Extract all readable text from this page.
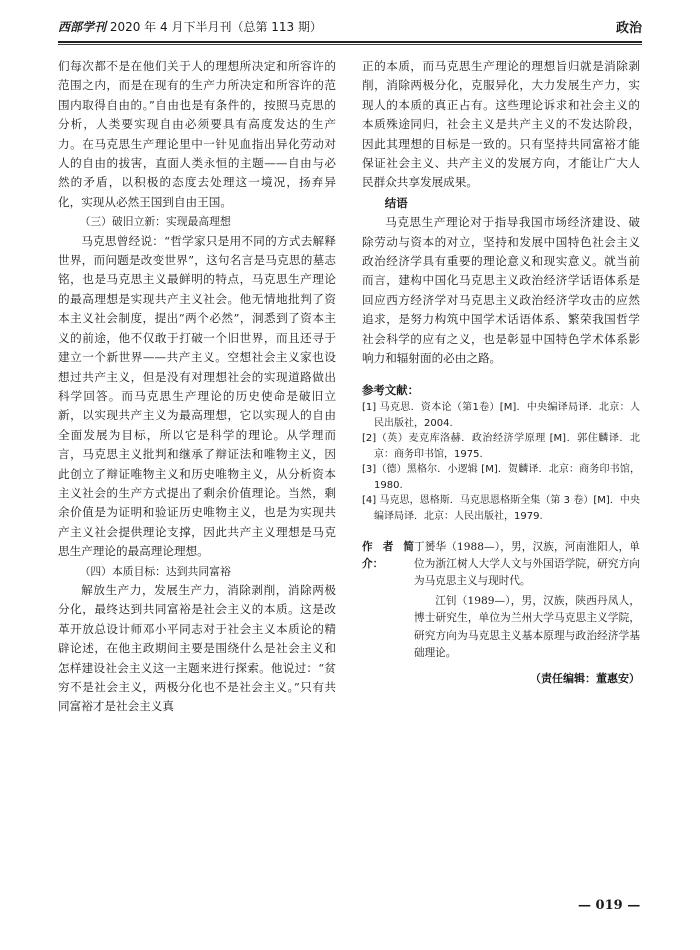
西部学刊 2020 年 4 月下半月刊（总第 113 期）	政治

们每次都不是在他们关于人的理想所决定和所容许的范围之内，而是在现有的生产力所决定和所容许的范围内取得自由的。”自由也是有条件的，按照马克思的分析，人类要实现自由必须要具有高度发达的生产力。在马克思生产理论里中一针见血指出异化劳动对人的自由的拔害，直面人类永恒的主题——自由与必然的矛盾，以积极的态度去处理这一境况，扬弃异化，实现从必然王国到自由王国。

（三）破旧立新：实现最高理想

马克思曾经说：“哲学家只是用不同的方式去解释世界，而问题是改变世界”，这句名言是马克思的墓志铭，也是马克思主义最鲜明的特点，马克思生产理论的最高理想是实现共产主义社会。他无情地批判了资本主义社会制度，提出“两个必然”，洞悉到了资本主义的前途，他不仅敢于打破一个旧世界，而且还寻于建立一个新世界——共产主义。空想社会主义家也设想过共产主义，但是没有对理想社会的实现道路做出科学回答。而马克思生产理论的历史使命是破旧立新，以实现共产主义为最高理想，它以实现人的自由全面发展为目标，所以它是科学的理论。从学理而言，马克思主义批判和继承了辩证法和唯物主义，因此创立了辩证唯物主义和历史唯物主义，从分析资本主义社会的生产方式提出了剩余价值理论。当然，剩余价值是为证明和验证历史唯物主义，也是为实现共产主义社会提供理论支撑，因此共产主义理想是马克思生产理论的最高理论理想。

（四）本质目标：达到共同富裕

解放生产力，发展生产力，消除剥削，消除两极分化，最终达到共同富裕是社会主义的本质。这是改革开放总设计师邓小平同志对于社会主义本质论的精辟论述，在他主政期间主要是围绕什么是社会主义和怎样建设社会主义这一主题来进行探索。他说过：“贫穷不是社会主义，两极分化也不是社会主义。”只有共同富裕才是社会主义真

正的本质，而马克思生产理论的理想旨归就是消除剥削，消除两极分化，克服异化，大力发展生产力，实现人的本质的真正占有。这些理论诉求和社会主义的本质殊途同归，社会主义是共产主义的不发达阶段，因此其理想的目标是一致的。只有坚持共同富裕才能保证社会主义、共产主义的发展方向，才能让广大人民群众共享发展成果。

结语

马克思生产理论对于指导我国市场经济建设、破除劳动与资本的对立，坚持和发展中国特色社会主义政治经济学具有重要的理论意义和现实意义。就当前而言，建构中国化马克思主义政治经济学话语体系是回应西方经济学对马克思主义政治经济学攻击的应然追求，是努力构筑中国学术话语体系、繁荣我国哲学社会科学的应有之义，也是彰显中国特色学术体系影响力和辐射面的必由之路。

参考文献：

[1] 马克思．资本论（第1卷）[M]．中央编译局译．北京：人民出版社，2004.

[2]（英）麦克库洛赫．政治经济学原理 [M]．郭住麟译．北京：商务印书馆，1975.

[3]（德）黑格尔．小逻辑 [M]．贺麟译．北京：商务印书馆，1980.

[4] 马克思，恩格斯．马克思恩格斯全集（第 3 卷）[M]．中央编译局译．北京：人民出版社，1979.

作者简介：

丁赟华（1988—），男，汉族，河南淮阳人，单位为浙江树人大学人文与外国语学院，研究方向为马克思主义与现时代。

江钊（1989—），男，汉族，陕西丹凤人，博士研究生，单位为兰州大学马克思主义学院，研究方向为马克思主义基本原理与政治经济学基础理论。

（责任编辑：董惠安）
— 019 —
